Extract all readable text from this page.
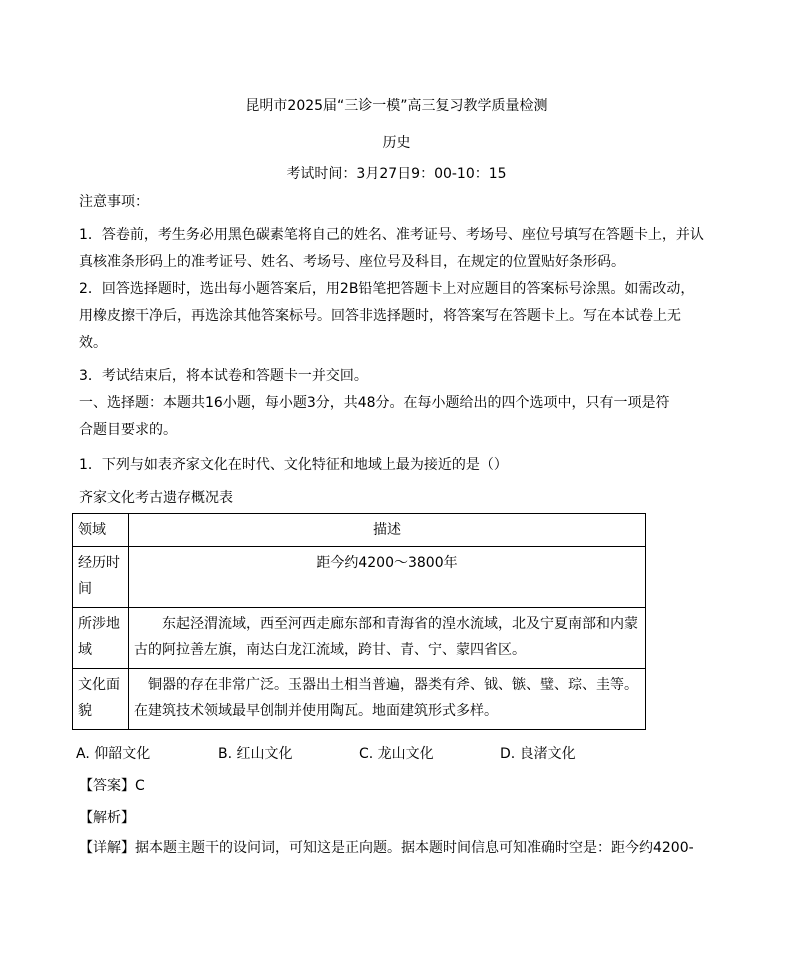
昆明市2025届“三诊一模”高三复习教学质量检测
历史
考试时间：3月27日9：00-10：15
注意事项：
1．答卷前，考生务必用黑色碳素笔将自己的姓名、准考证号、考场号、座位号填写在答题卡上，并认
真核准条形码上的准考证号、姓名、考场号、座位号及科目，在规定的位置贴好条形码。
2．回答选择题时，选出每小题答案后，用2B铅笔把答题卡上对应题目的答案标号涂黑。如需改动，
用橡皮擦干净后，再选涂其他答案标号。回答非选择题时，将答案写在答题卡上。写在本试卷上无
效。
3．考试结束后，将本试卷和答题卡一并交回。
一、选择题：本题共16小题，每小题3分，共48分。在每小题给出的四个选项中，只有一项是符
合题目要求的。
1．下列与如表齐家文化在时代、文化特征和地域上最为接近的是（）
齐家文化考古遗存概况表
领域	描述
经历时间	距今约4200～3800年
所涉地域	东起泾渭流域，西至河西走廊东部和青海省的湟水流域，北及宁夏南部和内蒙古的阿拉善左旗，南达白龙江流域，跨甘、青、宁、蒙四省区。
文化面貌	铜器的存在非常广泛。玉器出土相当普遍，器类有斧、钺、镞、璧、琮、圭等。在建筑技术领域最早创制并使用陶瓦。地面建筑形式多样。
A. 仰韶文化	B. 红山文化	C. 龙山文化	D. 良渚文化
【答案】C
【解析】
【详解】据本题主题干的设问词，可知这是正向题。据本题时间信息可知准确时空是：距今约4200-
